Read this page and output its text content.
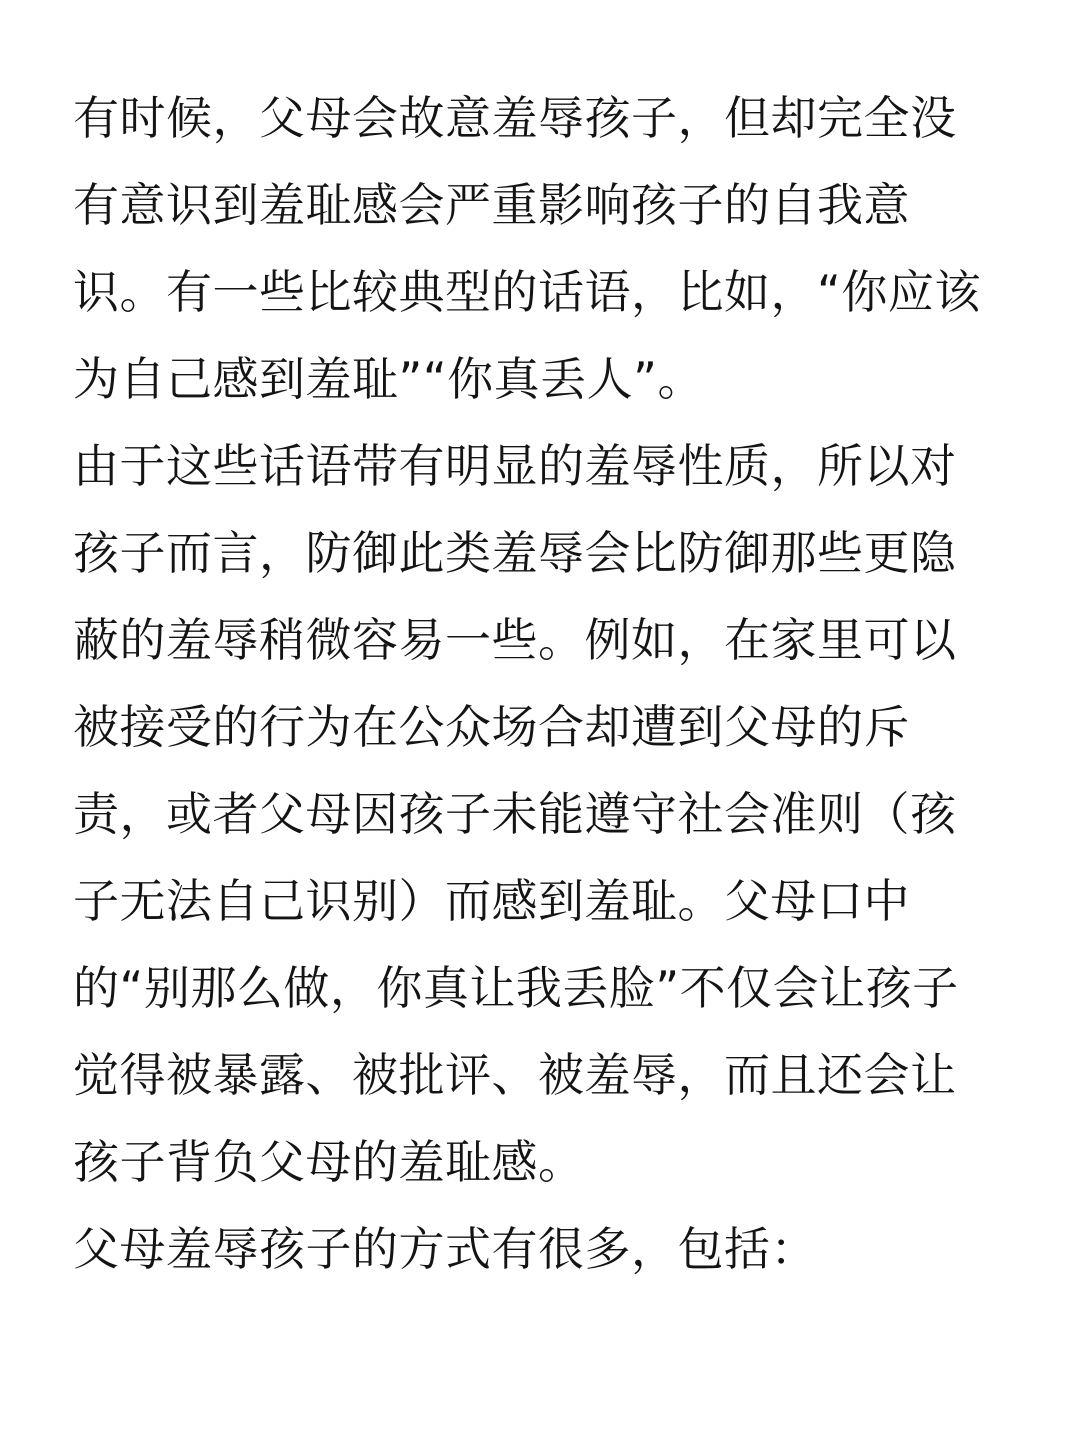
有时候，父母会故意羞辱孩子，但却完全没
有意识到羞耻感会严重影响孩子的自我意
识。有一些比较典型的话语，比如，“你应该
为自己感到羞耻”“你真丢人”。
由于这些话语带有明显的羞辱性质，所以对
孩子而言，防御此类羞辱会比防御那些更隐
蔽的羞辱稍微容易一些。例如，在家里可以
被接受的行为在公众场合却遭到父母的斥
责，或者父母因孩子未能遵守社会准则（孩
子无法自己识别）而感到羞耻。父母口中
的“别那么做，你真让我丢脸”不仅会让孩子
觉得被暴露、被批评、被羞辱，而且还会让
孩子背负父母的羞耻感。
父母羞辱孩子的方式有很多，包括：
